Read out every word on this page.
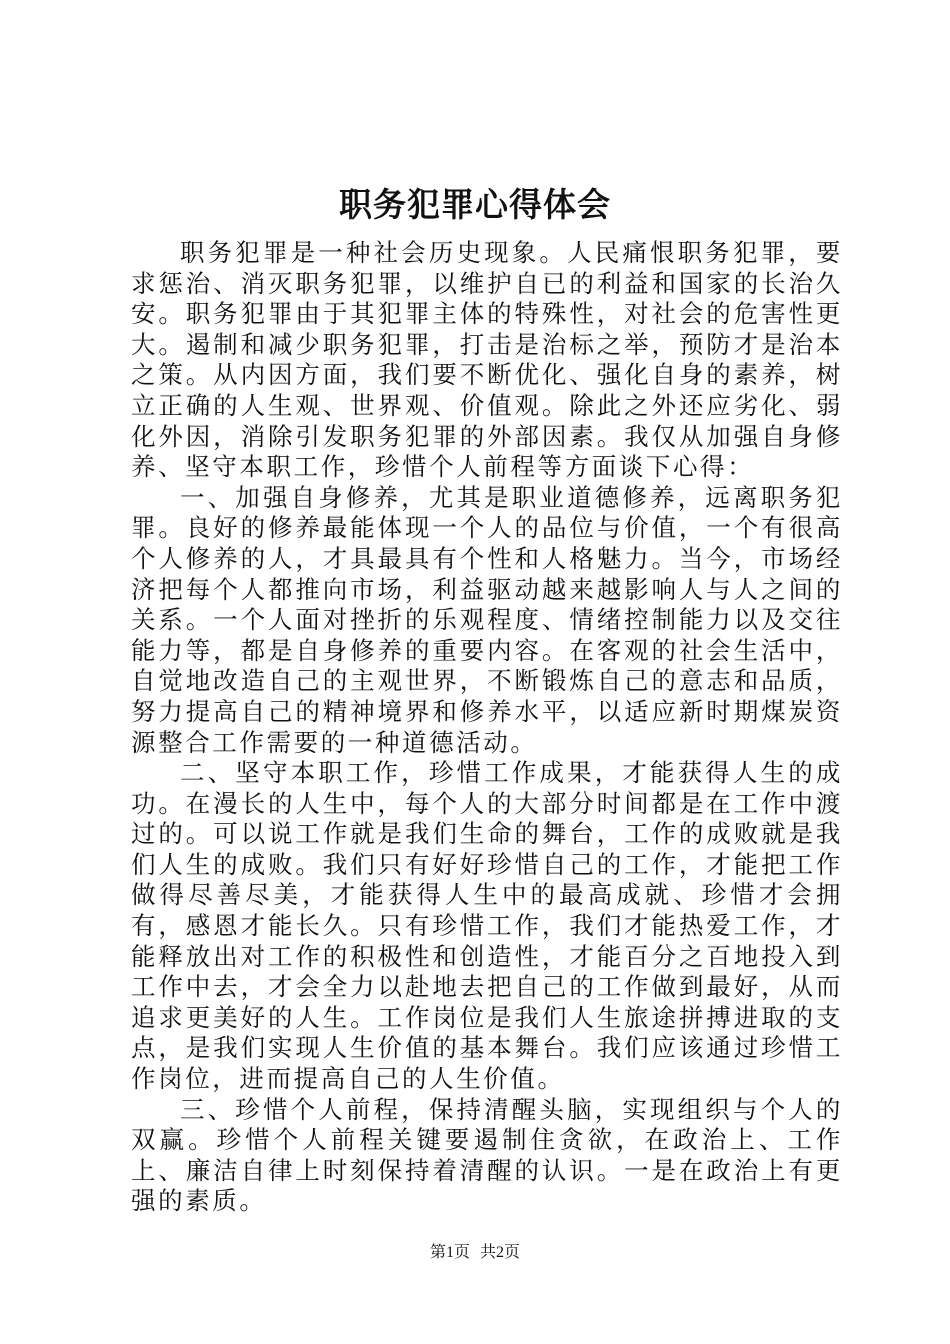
职务犯罪心得体会

职务犯罪是一种社会历史现象。人民痛恨职务犯罪，要求惩治、消灭职务犯罪，以维护自已的利益和国家的长治久安。职务犯罪由于其犯罪主体的特殊性，对社会的危害性更大。遏制和减少职务犯罪，打击是治标之举，预防才是治本之策。从内因方面，我们要不断优化、强化自身的素养，树立正确的人生观、世界观、价值观。除此之外还应劣化、弱化外因，消除引发职务犯罪的外部因素。我仅从加强自身修养、坚守本职工作，珍惜个人前程等方面谈下心得：

一、加强自身修养，尤其是职业道德修养，远离职务犯罪。良好的修养最能体现一个人的品位与价值，一个有很高个人修养的人，才具最具有个性和人格魅力。当今，市场经济把每个人都推向市场，利益驱动越来越影响人与人之间的关系。一个人面对挫折的乐观程度、情绪控制能力以及交往能力等，都是自身修养的重要内容。在客观的社会生活中，自觉地改造自己的主观世界，不断锻炼自己的意志和品质，努力提高自己的精神境界和修养水平，以适应新时期煤炭资源整合工作需要的一种道德活动。

二、坚守本职工作，珍惜工作成果，才能获得人生的成功。在漫长的人生中，每个人的大部分时间都是在工作中渡过的。可以说工作就是我们生命的舞台，工作的成败就是我们人生的成败。我们只有好好珍惜自己的工作，才能把工作做得尽善尽美，才能获得人生中的最高成就、珍惜才会拥有，感恩才能长久。只有珍惜工作，我们才能热爱工作，才能释放出对工作的积极性和创造性，才能百分之百地投入到工作中去，才会全力以赴地去把自己的工作做到最好，从而追求更美好的人生。工作岗位是我们人生旅途拼搏进取的支点，是我们实现人生价值的基本舞台。我们应该通过珍惜工作岗位，进而提高自己的人生价值。

三、珍惜个人前程，保持清醒头脑，实现组织与个人的双赢。珍惜个人前程关键要遏制住贪欲，在政治上、工作上、廉洁自律上时刻保持着清醒的认识。一是在政治上有更强的素质。

第1页 共2页
